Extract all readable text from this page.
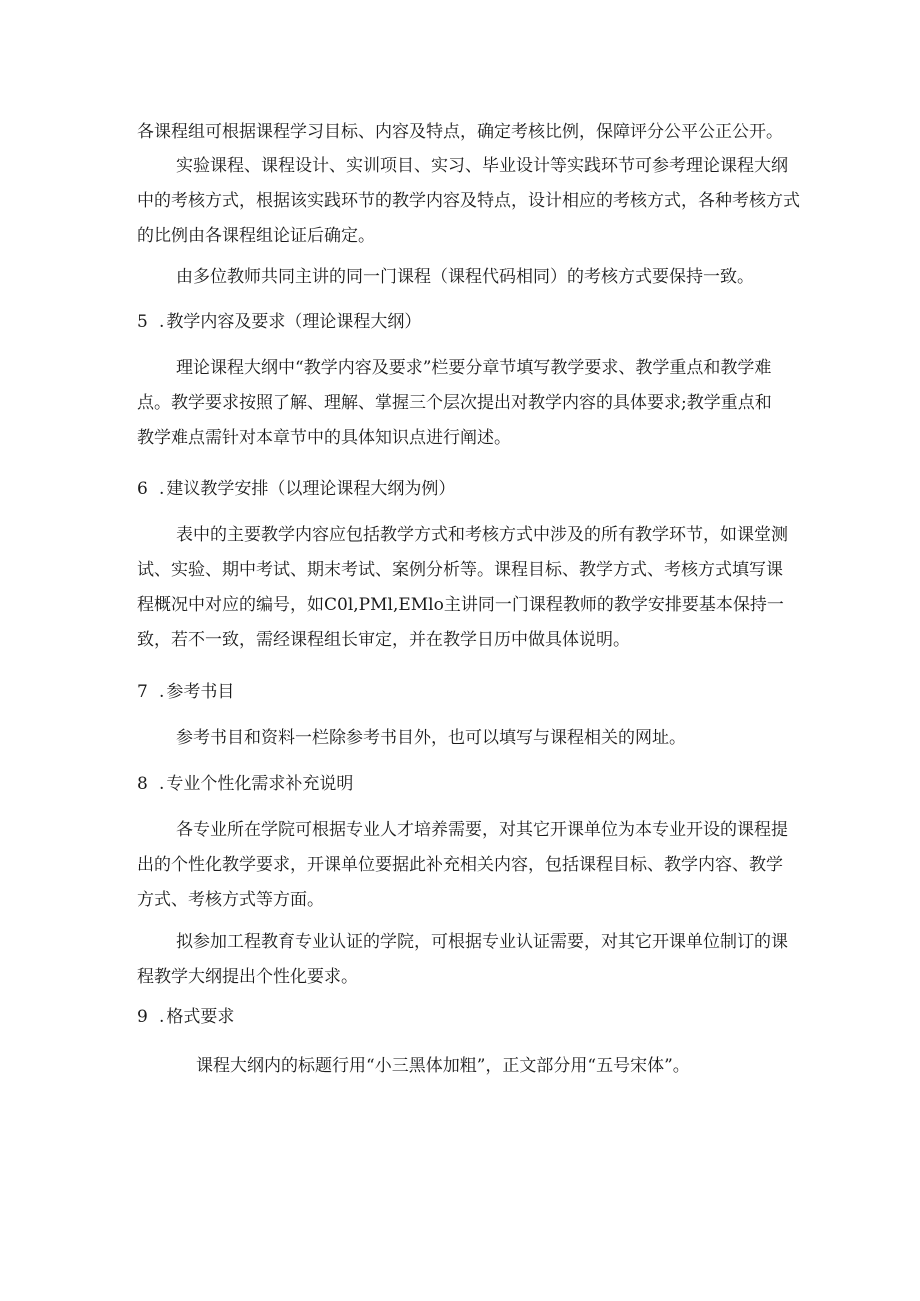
各课程组可根据课程学习目标、内容及特点，确定考核比例，保障评分公平公正公开。

实验课程、课程设计、实训项目、实习、毕业设计等实践环节可参考理论课程大纲
中的考核方式，根据该实践环节的教学内容及特点，设计相应的考核方式，各种考核方式
的比例由各课程组论证后确定。

由多位教师共同主讲的同一门课程（课程代码相同）的考核方式要保持一致。

5 . 教学内容及要求（理论课程大纲）

理论课程大纲中“教学内容及要求”栏要分章节填写教学要求、教学重点和教学难
点。教学要求按照了解、理解、掌握三个层次提出对教学内容的具体要求;教学重点和
教学难点需针对本章节中的具体知识点进行阐述。

6 . 建议教学安排（以理论课程大纲为例）

表中的主要教学内容应包括教学方式和考核方式中涉及的所有教学环节，如课堂测
试、实验、期中考试、期末考试、案例分析等。课程目标、教学方式、考核方式填写课
程概况中对应的编号，如C0l,PMl,EMlo主讲同一门课程教师的教学安排要基本保持一
致，若不一致，需经课程组长审定，并在教学日历中做具体说明。

7 . 参考书目

参考书目和资料一栏除参考书目外，也可以填写与课程相关的网址。

8 . 专业个性化需求补充说明

各专业所在学院可根据专业人才培养需要，对其它开课单位为本专业开设的课程提
出的个性化教学要求，开课单位要据此补充相关内容，包括课程目标、教学内容、教学
方式、考核方式等方面。

拟参加工程教育专业认证的学院，可根据专业认证需要，对其它开课单位制订的课
程教学大纲提出个性化要求。

9 . 格式要求

课程大纲内的标题行用“小三黑体加粗”，正文部分用“五号宋体”。
